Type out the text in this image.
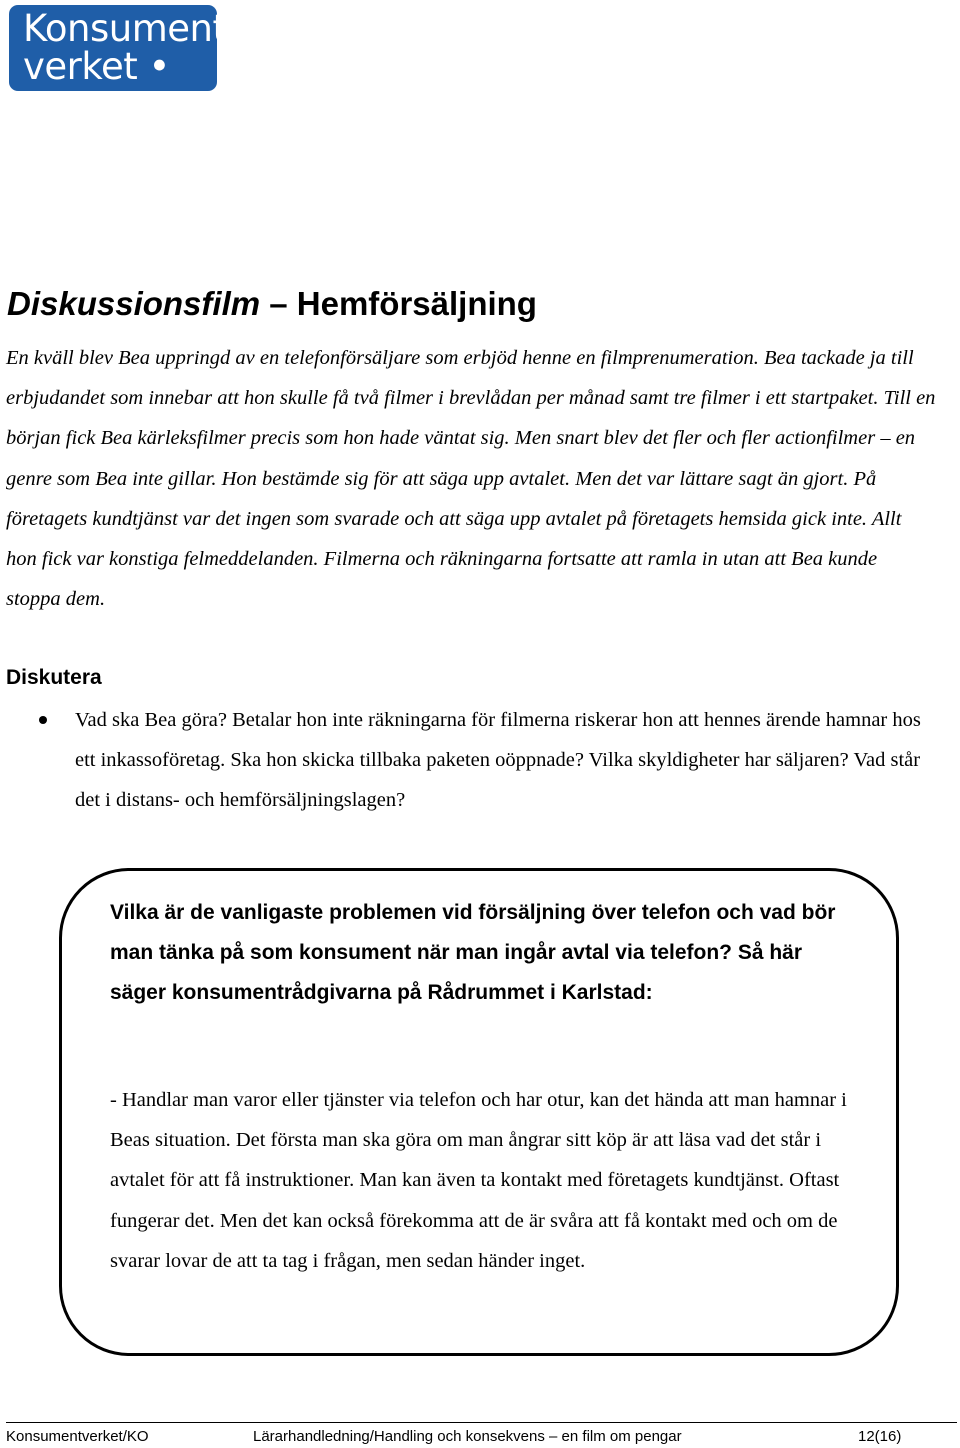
Konsument
verket • KO
Diskussionsfilm – Hemförsäljning

En kväll blev Bea uppringd av en telefonförsäljare som erbjöd henne en filmprenumeration. Bea tackade ja till erbjudandet som innebar att hon skulle få två filmer i brevlådan per månad samt tre filmer i ett startpaket. Till en början fick Bea kärleksfilmer precis som hon hade väntat sig. Men snart blev det fler och fler actionfilmer – en genre som Bea inte gillar. Hon bestämde sig för att säga upp avtalet. Men det var lättare sagt än gjort. På företagets kundtjänst var det ingen som svarade och att säga upp avtalet på företagets hemsida gick inte. Allt hon fick var konstiga felmeddelanden. Filmerna och räkningarna fortsatte att ramla in utan att Bea kunde stoppa dem.

Diskutera
Vad ska Bea göra? Betalar hon inte räkningarna för filmerna riskerar hon att hennes ärende hamnar hos ett inkassoföretag. Ska hon skicka tillbaka paketen oöppnade? Vilka skyldigheter har säljaren? Vad står det i distans- och hemförsäljningslagen?

Vilka är de vanligaste problemen vid försäljning över telefon och vad bör man tänka på som konsument när man ingår avtal via telefon? Så här säger konsumentrådgivarna på Rådrummet i Karlstad:

- Handlar man varor eller tjänster via telefon och har otur, kan det hända att man hamnar i Beas situation. Det första man ska göra om man ångrar sitt köp är att läsa vad det står i avtalet för att få instruktioner. Man kan även ta kontakt med företagets kundtjänst. Oftast fungerar det. Men det kan också förekomma att de är svåra att få kontakt med och om de svarar lovar de att ta tag i frågan, men sedan händer inget.

Konsumentverket/KO	Lärarhandledning/Handling och konsekvens – en film om pengar	12(16)
